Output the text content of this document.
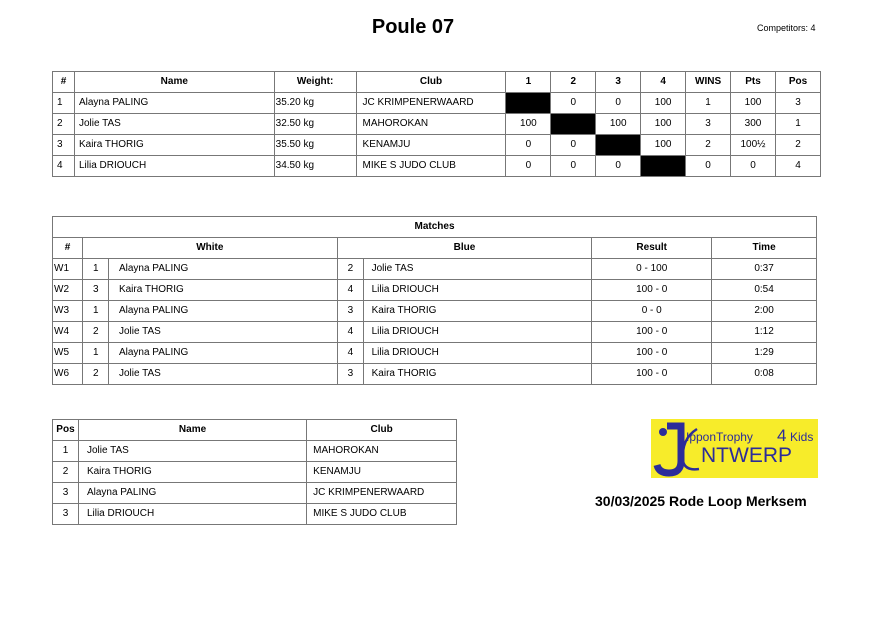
Poule 07	Competitors: 4
#	Name	Weight:	Club	1	2	3	4	WINS	Pts	Pos
1	Alayna PALING	35.20 kg	JC KRIMPENERWAARD		0	0	100	1	100	3
2	Jolie TAS	32.50 kg	MAHOROKAN	100		100	100	3	300	1
3	Kaira THORIG	35.50 kg	KENAMJU	0	0		100	2	100½	2
4	Lilia DRIOUCH	34.50 kg	MIKE S JUDO CLUB	0	0	0		0	0	4
Matches						
#	White		Blue		Result	Time
W1	1	Alayna PALING	2	Jolie TAS	0 - 100	0:37
W2	3	Kaira THORIG	4	Lilia DRIOUCH	100 - 0	0:54
W3	1	Alayna PALING	3	Kaira THORIG	0 - 0	2:00
W4	2	Jolie TAS	4	Lilia DRIOUCH	100 - 0	1:12
W5	1	Alayna PALING	4	Lilia DRIOUCH	100 - 0	1:29
W6	2	Jolie TAS	3	Kaira THORIG	100 - 0	0:08
Pos	Name	Club
1	Jolie TAS	MAHOROKAN
2	Kaira THORIG	KENAMJU
3	Alayna PALING	JC KRIMPENERWAARD
3	Lilia DRIOUCH	MIKE S JUDO CLUB
IpponTrophy 4 Kids
NTWERP
30/03/2025 Rode Loop Merksem
